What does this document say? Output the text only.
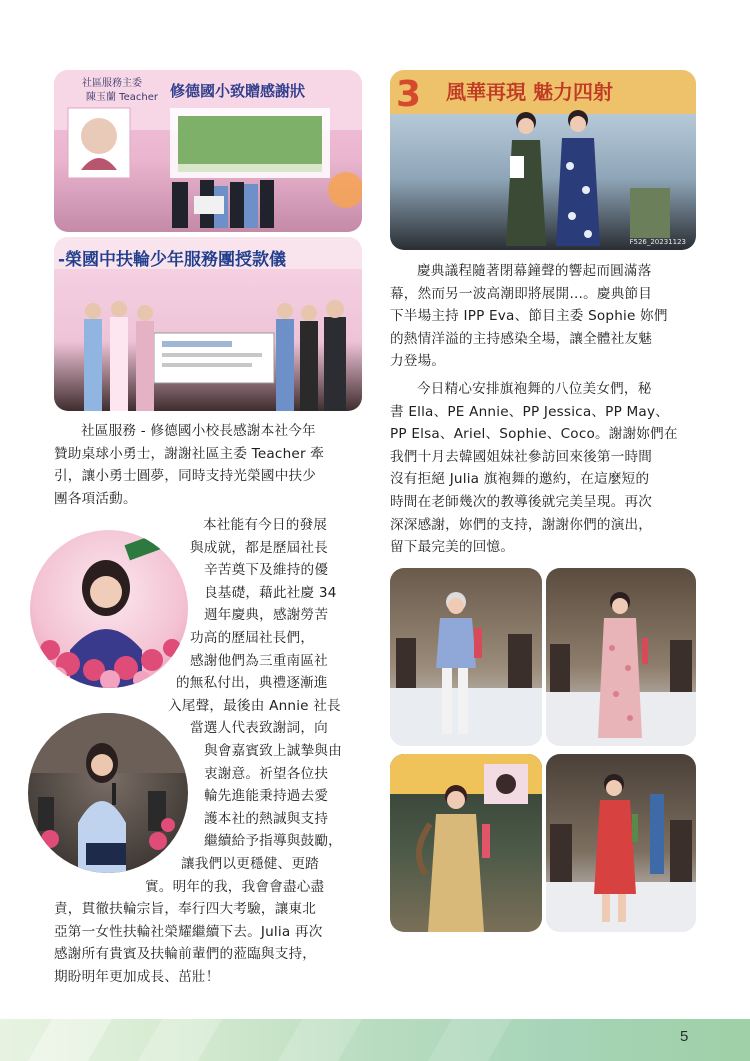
社區服務主委
陳玉蘭 Teacher 修德國小致贈感謝狀
-榮國中扶輪少年服務團授款儀
社區服務 - 修德國小校長感謝本社今年
贊助桌球小勇士，謝謝社區主委 Teacher 牽
引，讓小勇士圓夢，同時支持光榮國中扶少
團各項活動。
本社能有今日的發展
與成就，都是歷屆社長
辛苦奠下及維持的優
良基礎，藉此社慶 34
週年慶典，感謝勞苦
功高的歷屆社長們，
感謝他們為三重南區社
的無私付出，典禮逐漸進
入尾聲，最後由 Annie 社長
當選人代表致謝詞，向
與會嘉賓致上誠摯與由
衷謝意。祈望各位扶
輪先進能秉持過去愛
護本社的熱誠與支持
繼續給予指導與鼓勵，
讓我們以更穩健、更踏
實。明年的我，我會會盡心盡
責，貫徹扶輪宗旨，奉行四大考驗，讓東北
亞第一女性扶輪社榮耀繼續下去。Julia 再次
感謝所有貴賓及扶輪前輩們的蒞臨與支持，
期盼明年更加成長、茁壯！
3 風華再現 魅力四射
F526_20231123
慶典議程隨著閉幕鐘聲的響起而圓滿落
幕，然而另一波高潮即將展開…。慶典節目
下半場主持 IPP Eva、節目主委 Sophie 妳們
的熱情洋溢的主持感染全場，讓全體社友魅
力登場。
今日精心安排旗袍舞的八位美女們，秘
書 Ella、PE Annie、PP Jessica、PP May、
PP Elsa、Ariel、Sophie、Coco。謝謝妳們在
我們十月去韓國姐妹社參訪回來後第一時間
沒有拒絕 Julia 旗袍舞的邀約，在這麼短的
時間在老師幾次的教導後就完美呈現。再次
深深感謝，妳們的支持，謝謝你們的演出，
留下最完美的回憶。
5
